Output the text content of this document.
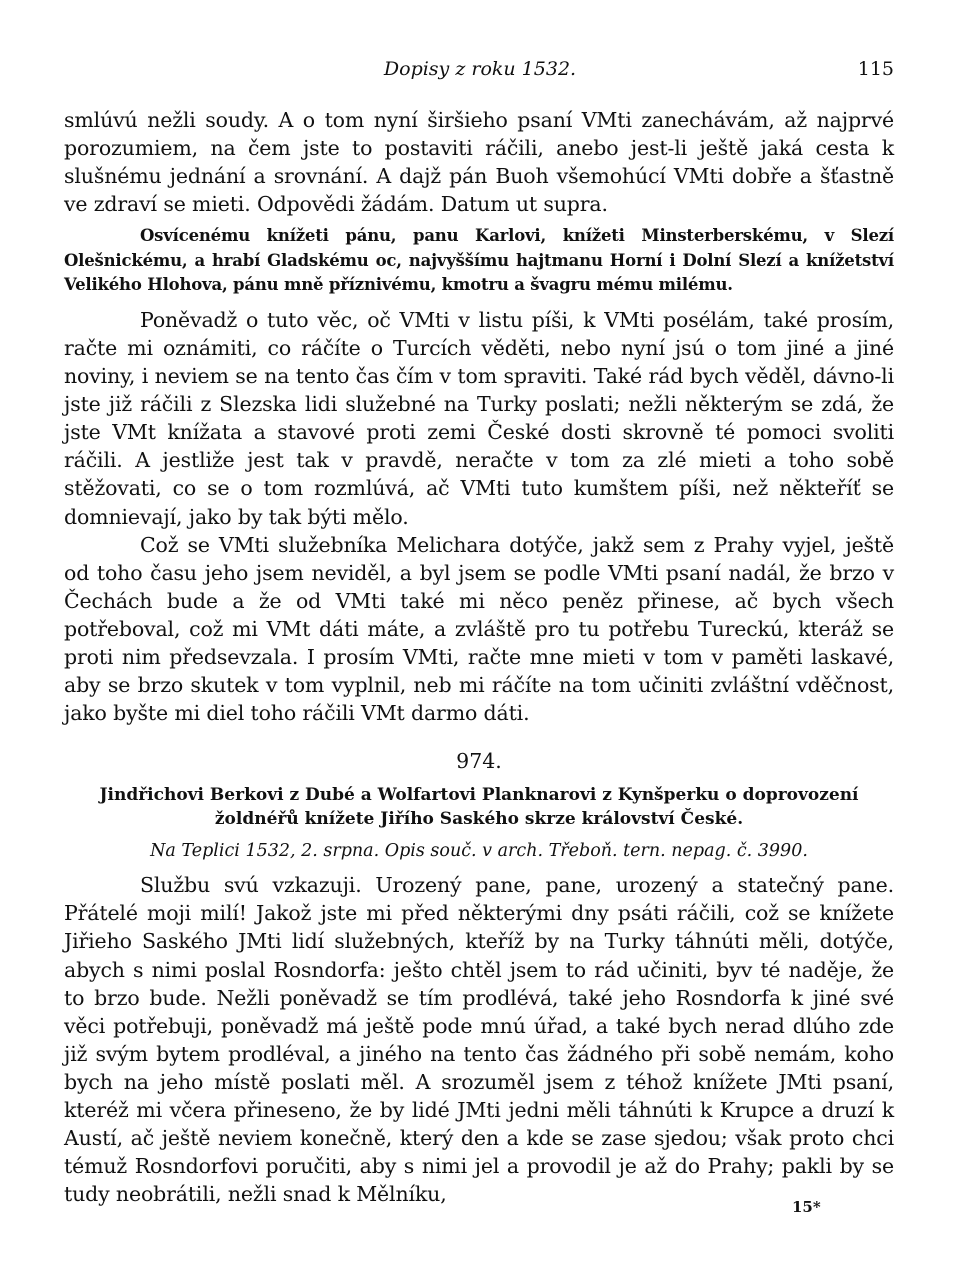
Dopisy z roku 1532.	115

smlúvú nežli soudy. A o tom nyní širšieho psaní VMti zanechávám, až najprvé porozumiem, na čem jste to postaviti ráčili, anebo jest-li ještě jaká cesta k slušnému jednání a srovnání. A dajž pán Buoh všemohúcí VMti dobře a šťastně ve zdraví se mieti. Odpovědi žádám. Datum ut supra.

Osvícenému knížeti pánu, panu Karlovi, knížeti Minsterberskému, v Slezí Olešnickému, a hrabí Gladskému oc, najvyššímu hajtmanu Horní i Dolní Slezí a knížetství Velikého Hlohova, pánu mně příznivému, kmotru a švagru mému milému.

Poněvadž o tuto věc, oč VMti v listu píši, k VMti posélám, také prosím, račte mi oznámiti, co ráčíte o Turcích věděti, nebo nyní jsú o tom jiné a jiné noviny, i neviem se na tento čas čím v tom spraviti. Také rád bych věděl, dávno-li jste již ráčili z Slezska lidi služebné na Turky poslati; nežli některým se zdá, že jste VMt knížata a stavové proti zemi České dosti skrovně té pomoci svoliti ráčili. A jestliže jest tak v pravdě, neračte v tom za zlé mieti a toho sobě stěžovati, co se o tom rozmlúvá, ač VMti tuto kumštem píši, než někteříť se domnievají, jako by tak býti mělo.

Což se VMti služebníka Melichara dotýče, jakž sem z Prahy vyjel, ještě od toho času jeho jsem neviděl, a byl jsem se podle VMti psaní nadál, že brzo v Čechách bude a že od VMti také mi něco peněz přinese, ač bych všech potřeboval, což mi VMt dáti máte, a zvláště pro tu potřebu Tureckú, kteráž se proti nim předsevzala. I prosím VMti, račte mne mieti v tom v paměti laskavé, aby se brzo skutek v tom vyplnil, neb mi ráčíte na tom učiniti zvláštní vděčnost, jako byšte mi diel toho ráčili VMt darmo dáti.

974.
Jindřichovi Berkovi z Dubé a Wolfartovi Planknarovi z Kynšperku o doprovození žoldnéřů knížete Jiřího Saského skrze království České.
Na Teplici 1532, 2. srpna. Opis souč. v arch. Třeboň. tern. nepag. č. 3990.

Službu svú vzkazuji. Urozený pane, pane, urozený a statečný pane. Přátelé moji milí! Jakož jste mi před některými dny psáti ráčili, což se knížete Jiřieho Saského JMti lidí služebných, kteříž by na Turky táhnúti měli, dotýče, abych s nimi poslal Rosndorfa: ješto chtěl jsem to rád učiniti, byv té naděje, že to brzo bude. Nežli poněvadž se tím prodlévá, také jeho Rosndorfa k jiné své věci potřebuji, poněvadž má ještě pode mnú úřad, a také bych nerad dlúho zde již svým bytem prodléval, a jiného na tento čas žádného při sobě nemám, koho bych na jeho místě poslati měl. A srozuměl jsem z téhož knížete JMti psaní, kteréž mi včera přineseno, že by lidé JMti jedni měli táhnúti k Krupce a druzí k Austí, ač ještě neviem konečně, který den a kde se zase sjedou; však proto chci témuž Rosndorfovi poručiti, aby s nimi jel a provodil je až do Prahy; pakli by se tudy neobrátili, nežli snad k Mělníku,

15*
